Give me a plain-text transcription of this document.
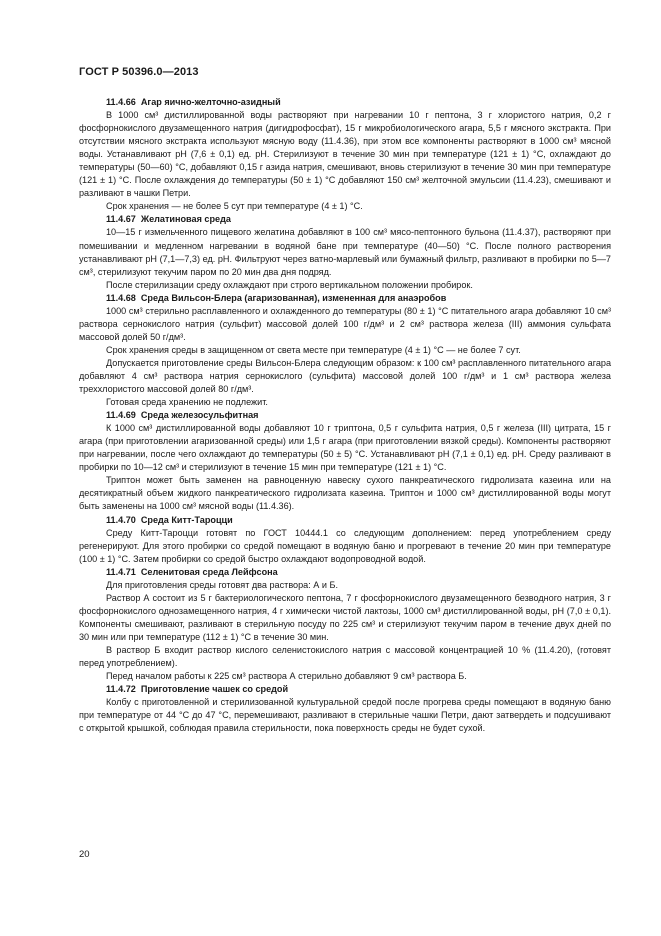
ГОСТ Р 50396.0—2013

11.4.66 Агар яично-желточно-азидный

В 1000 см³ дистиллированной воды растворяют при нагревании 10 г пептона, 3 г хлористого натрия, 0,2 г фосфорнокислого двузамещенного натрия (дигидрофосфат), 15 г микробиологического агара, 5,5 г мясного экстракта. При отсутствии мясного экстракта используют мясную воду (11.4.36), при этом все компоненты растворяют в 1000 см³ мясной воды. Устанавливают pH (7,6 ± 0,1) ед. pH. Стерилизуют в течение 30 мин при температуре (121 ± 1) °С, охлаждают до температуры (50—60) °С, добавляют 0,15 г азида натрия, смешивают, вновь стерилизуют в течение 30 мин при температуре (121 ± 1) °С. После охлаждения до температуры (50 ± 1) °С добавляют 150 см³ желточной эмульсии (11.4.23), смешивают и разливают в чашки Петри.

Срок хранения — не более 5 сут при температуре (4 ± 1) °С.

11.4.67 Желатиновая среда

10—15 г измельченного пищевого желатина добавляют в 100 см³ мясо-пептонного бульона (11.4.37), растворяют при помешивании и медленном нагревании в водяной бане при температуре (40—50) °С. После полного растворения устанавливают pH (7,1—7,3) ед. pH. Фильтруют через ватно-марлевый или бумажный фильтр, разливают в пробирки по 5—7 см³, стерилизуют текучим паром по 20 мин два дня подряд.

После стерилизации среду охлаждают при строго вертикальном положении пробирок.

11.4.68 Среда Вильсон-Блера (агаризованная), измененная для анаэробов

1000 см³ стерильно расплавленного и охлажденного до температуры (80 ± 1) °С питательного агара добавляют 10 см³ раствора сернокислого натрия (сульфит) массовой долей 100 г/дм³ и 2 см³ раствора железа (III) аммония сульфата массовой долей 50 г/дм³.

Срок хранения среды в защищенном от света месте при температуре (4 ± 1) °С — не более 7 сут.

Допускается приготовление среды Вильсон-Блера следующим образом: к 100 см³ расплавленного питательного агара добавляют 4 см³ раствора натрия сернокислого (сульфита) массовой долей 100 г/дм³ и 1 см³ раствора железа треххлористого массовой долей 80 г/дм³.

Готовая среда хранению не подлежит.

11.4.69 Среда железосульфитная

К 1000 см³ дистиллированной воды добавляют 10 г триптона, 0,5 г сульфита натрия, 0,5 г железа (III) цитрата, 15 г агара (при приготовлении агаризованной среды) или 1,5 г агара (при приготовлении вязкой среды). Компоненты растворяют при нагревании, после чего охлаждают до температуры (50 ± 5) °С. Устанавливают pH (7,1 ± 0,1) ед. pH. Среду разливают в пробирки по 10—12 см³ и стерилизуют в течение 15 мин при температуре (121 ± 1) °С.

Триптон может быть заменен на равноценную навеску сухого панкреатического гидролизата казеина или на десятикратный объем жидкого панкреатического гидролизата казеина. Триптон и 1000 см³ дистиллированной воды могут быть заменены на 1000 см³ мясной воды (11.4.36).

11.4.70 Среда Китт-Тароцци

Среду Китт-Тароцци готовят по ГОСТ 10444.1 со следующим дополнением: перед употреблением среду регенерируют. Для этого пробирки со средой помещают в водяную баню и прогревают в течение 20 мин при температуре (100 ± 1) °С. Затем пробирки со средой быстро охлаждают водопроводной водой.

11.4.71 Селенитовая среда Лейфсона

Для приготовления среды готовят два раствора: А и Б.

Раствор А состоит из 5 г бактериологического пептона, 7 г фосфорнокислого двузамещенного безводного натрия, 3 г фосфорнокислого однозамещенного натрия, 4 г химически чистой лактозы, 1000 см³ дистиллированной воды, pH (7,0 ± 0,1). Компоненты смешивают, разливают в стерильную посуду по 225 см³ и стерилизуют текучим паром в течение двух дней по 30 мин или при температуре (112 ± 1) °С в течение 30 мин.

В раствор Б входит раствор кислого селенистокислого натрия с массовой концентрацией 10 % (11.4.20), (готовят перед употреблением).

Перед началом работы к 225 см³ раствора А стерильно добавляют 9 см³ раствора Б.

11.4.72 Приготовление чашек со средой

Колбу с приготовленной и стерилизованной культуральной средой после прогрева среды помещают в водяную баню при температуре от 44 °С до 47 °С, перемешивают, разливают в стерильные чашки Петри, дают затвердеть и подсушивают с открытой крышкой, соблюдая правила стерильности, пока поверхность среды не будет сухой.

20
